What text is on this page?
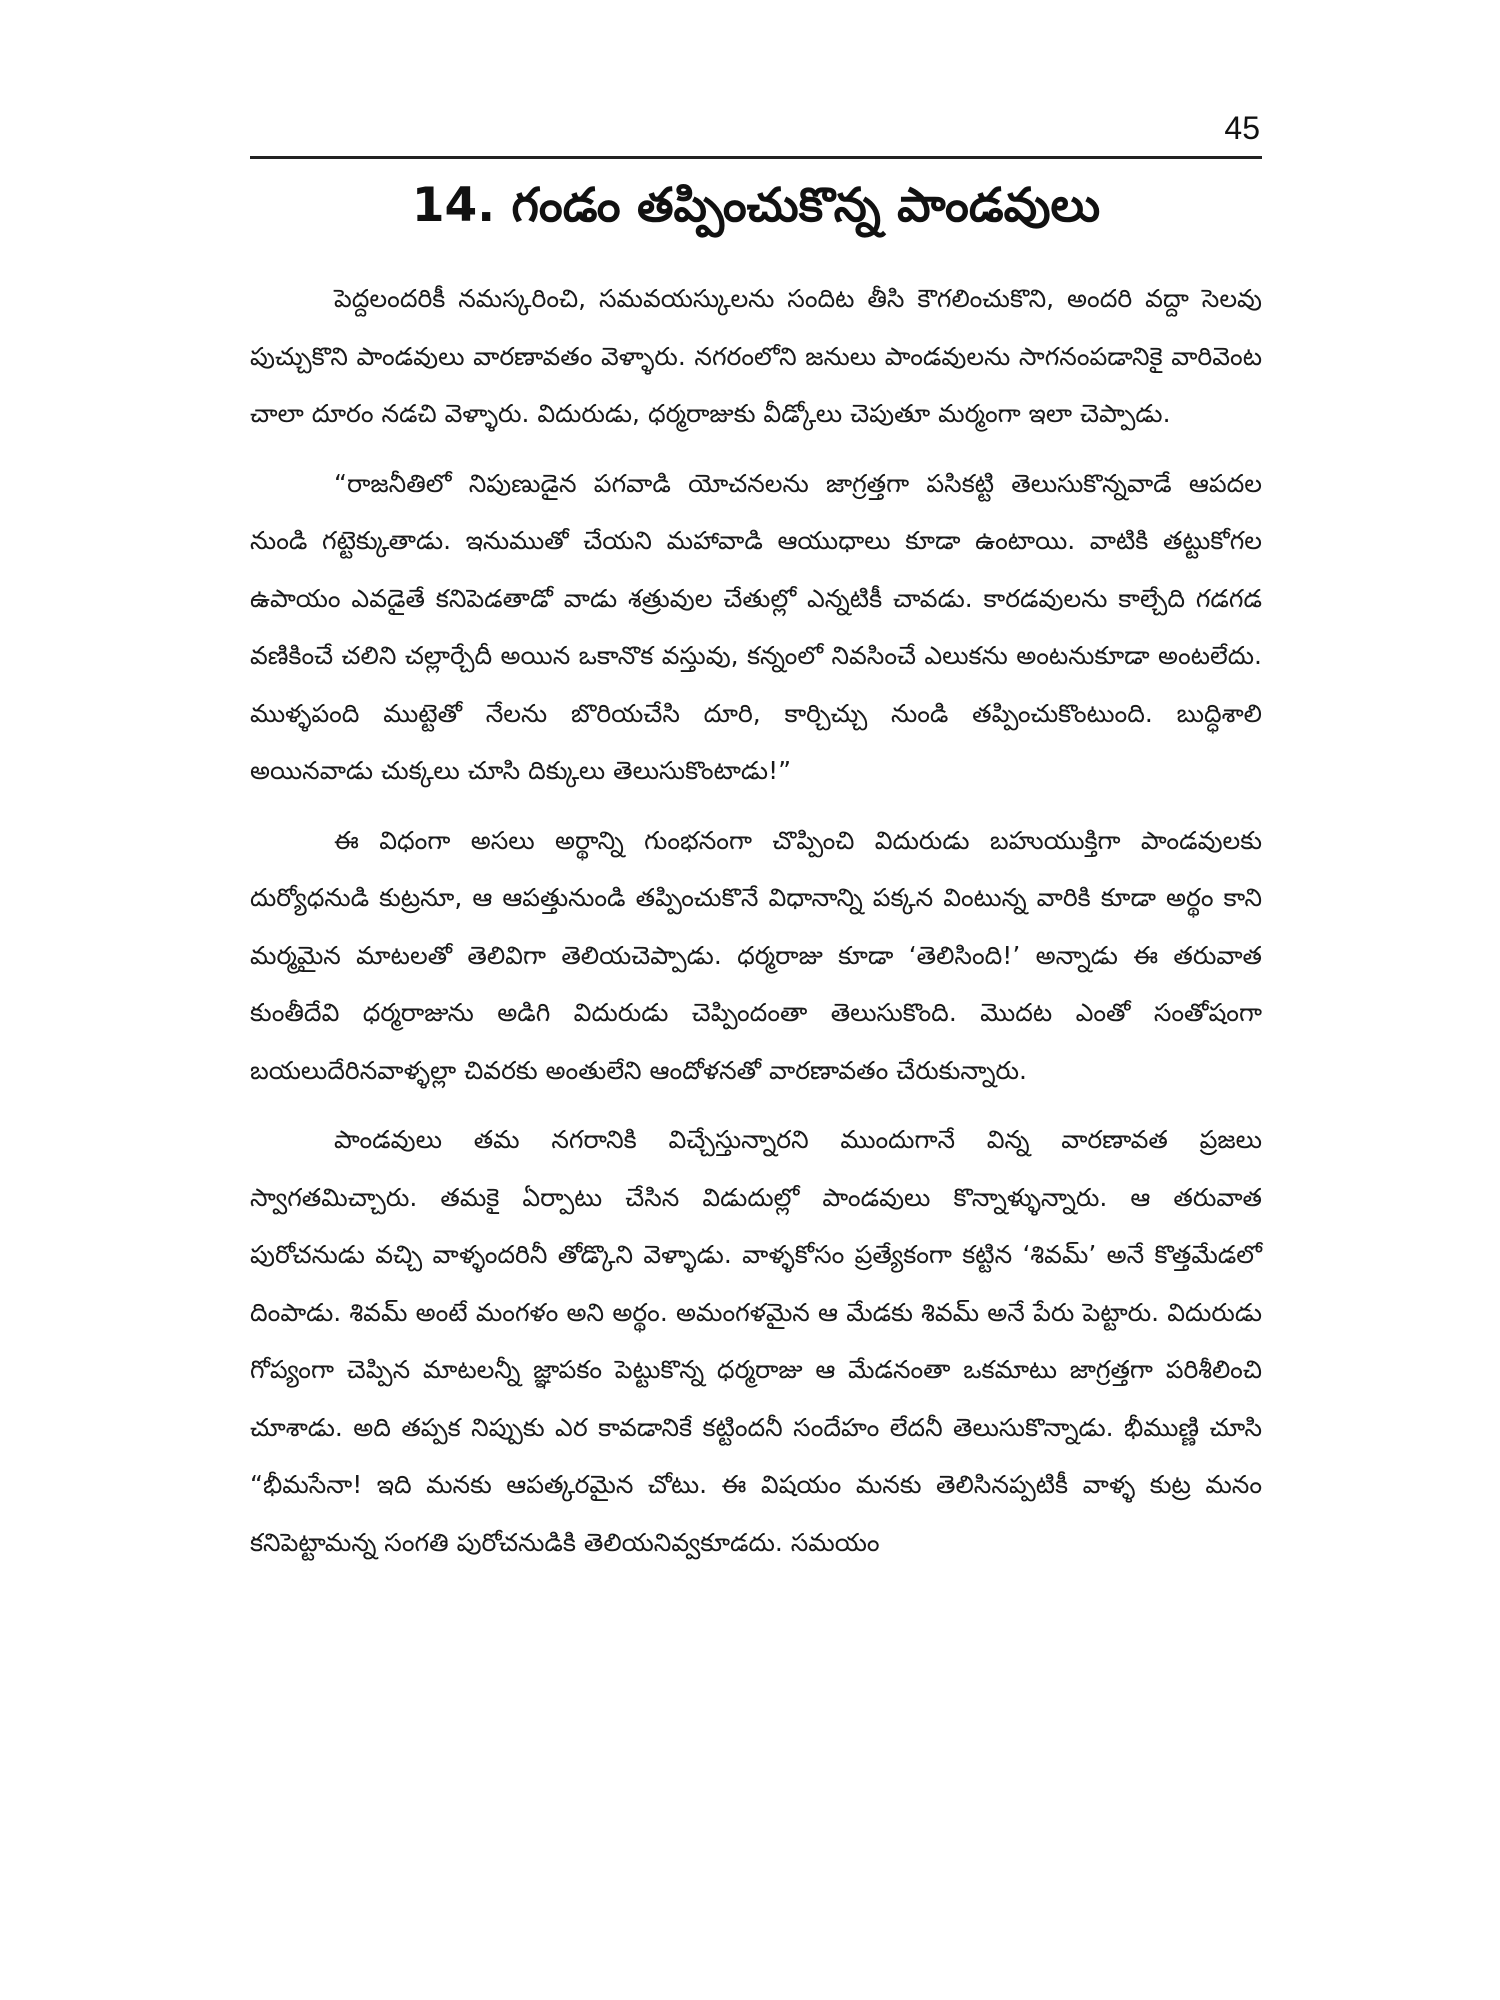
45
14. గండం తప్పించుకొన్న పాండవులు

పెద్దలందరికీ నమస్కరించి, సమవయస్కులను సందిట తీసి కౌగలించుకొని, అందరి వద్దా సెలవు పుచ్చుకొని పాండవులు వారణావతం వెళ్ళారు. నగరంలోని జనులు పాండవులను సాగనంపడానికై వారివెంట చాలా దూరం నడచి వెళ్ళారు. విదురుడు, ధర్మరాజుకు వీడ్కోలు చెపుతూ మర్మంగా ఇలా చెప్పాడు.

“రాజనీతిలో నిపుణుడైన పగవాడి యోచనలను జాగ్రత్తగా పసికట్టి తెలుసుకొన్నవాడే ఆపదల నుండి గట్టెక్కుతాడు. ఇనుముతో చేయని మహావాడి ఆయుధాలు కూడా ఉంటాయి. వాటికి తట్టుకోగల ఉపాయం ఎవడైతే కనిపెడతాడో వాడు శత్రువుల చేతుల్లో ఎన్నటికీ చావడు. కారడవులను కాల్చేది గడగడ వణికించే చలిని చల్లార్చేదీ అయిన ఒకానొక వస్తువు, కన్నంలో నివసించే ఎలుకను అంటనుకూడా అంటలేదు. ముళ్ళపంది ముట్టెతో నేలను బొరియచేసి దూరి, కార్చిచ్చు నుండి తప్పించుకొంటుంది. బుద్ధిశాలి అయినవాడు చుక్కలు చూసి దిక్కులు తెలుసుకొంటాడు!”

ఈ విధంగా అసలు అర్థాన్ని గుంభనంగా చొప్పించి విదురుడు బహుయుక్తిగా పాండవులకు దుర్యోధనుడి కుట్రనూ, ఆ ఆపత్తునుండి తప్పించుకొనే విధానాన్ని పక్కన వింటున్న వారికి కూడా అర్థం కాని మర్మమైన మాటలతో తెలివిగా తెలియచెప్పాడు. ధర్మరాజు కూడా ‘తెలిసింది!’ అన్నాడు ఈ తరువాత కుంతీదేవి ధర్మరాజును అడిగి విదురుడు చెప్పిందంతా తెలుసుకొంది. మొదట ఎంతో సంతోషంగా బయలుదేరినవాళ్ళల్లా చివరకు అంతులేని ఆందోళనతో వారణావతం చేరుకున్నారు.

పాండవులు తమ నగరానికి విచ్చేస్తున్నారని ముందుగానే విన్న వారణావత ప్రజలు స్వాగతమిచ్చారు. తమకై ఏర్పాటు చేసిన విడుదుల్లో పాండవులు కొన్నాళ్ళున్నారు. ఆ తరువాత పురోచనుడు వచ్చి వాళ్ళందరినీ తోడ్కొని వెళ్ళాడు. వాళ్ళకోసం ప్రత్యేకంగా కట్టిన ‘శివమ్’ అనే కొత్తమేడలో దింపాడు. శివమ్ అంటే మంగళం అని అర్థం. అమంగళమైన ఆ మేడకు శివమ్ అనే పేరు పెట్టారు. విదురుడు గోప్యంగా చెప్పిన మాటలన్నీ జ్ఞాపకం పెట్టుకొన్న ధర్మరాజు ఆ మేడనంతా ఒకమాటు జాగ్రత్తగా పరిశీలించి చూశాడు. అది తప్పక నిప్పుకు ఎర కావడానికే కట్టిందనీ సందేహం లేదనీ తెలుసుకొన్నాడు. భీముణ్ణి చూసి “భీమసేనా! ఇది మనకు ఆపత్కరమైన చోటు. ఈ విషయం మనకు తెలిసినప్పటికీ వాళ్ళ కుట్ర మనం కనిపెట్టామన్న సంగతి పురోచనుడికి తెలియనివ్వకూడదు. సమయం
